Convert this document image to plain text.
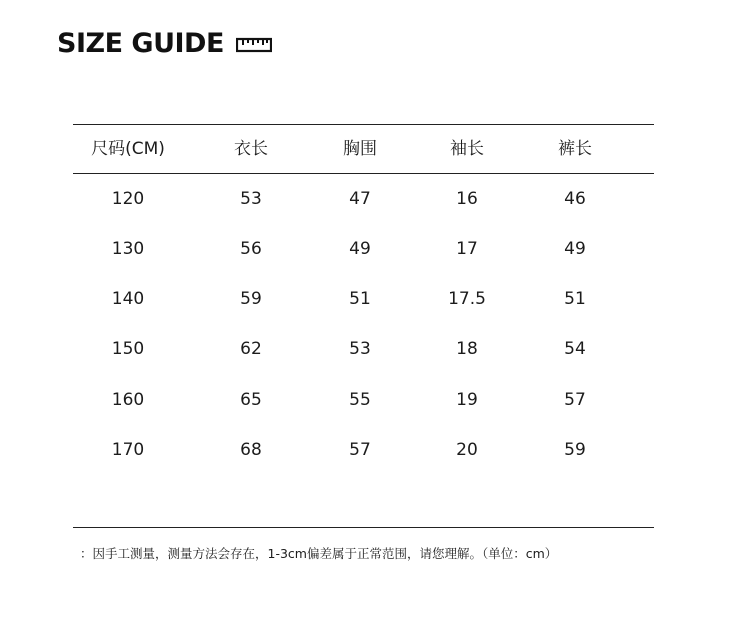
SIZE GUIDE
尺码(CM)	衣长	胸围	袖长	裤长
120	53	47	16	46
130	56	49	17	49
140	59	51	17.5	51
150	62	53	18	54
160	65	55	19	57
170	68	57	20	59
：因手工测量，测量方法会存在，1-3cm偏差属于正常范围，请您理解。（单位：cm）
